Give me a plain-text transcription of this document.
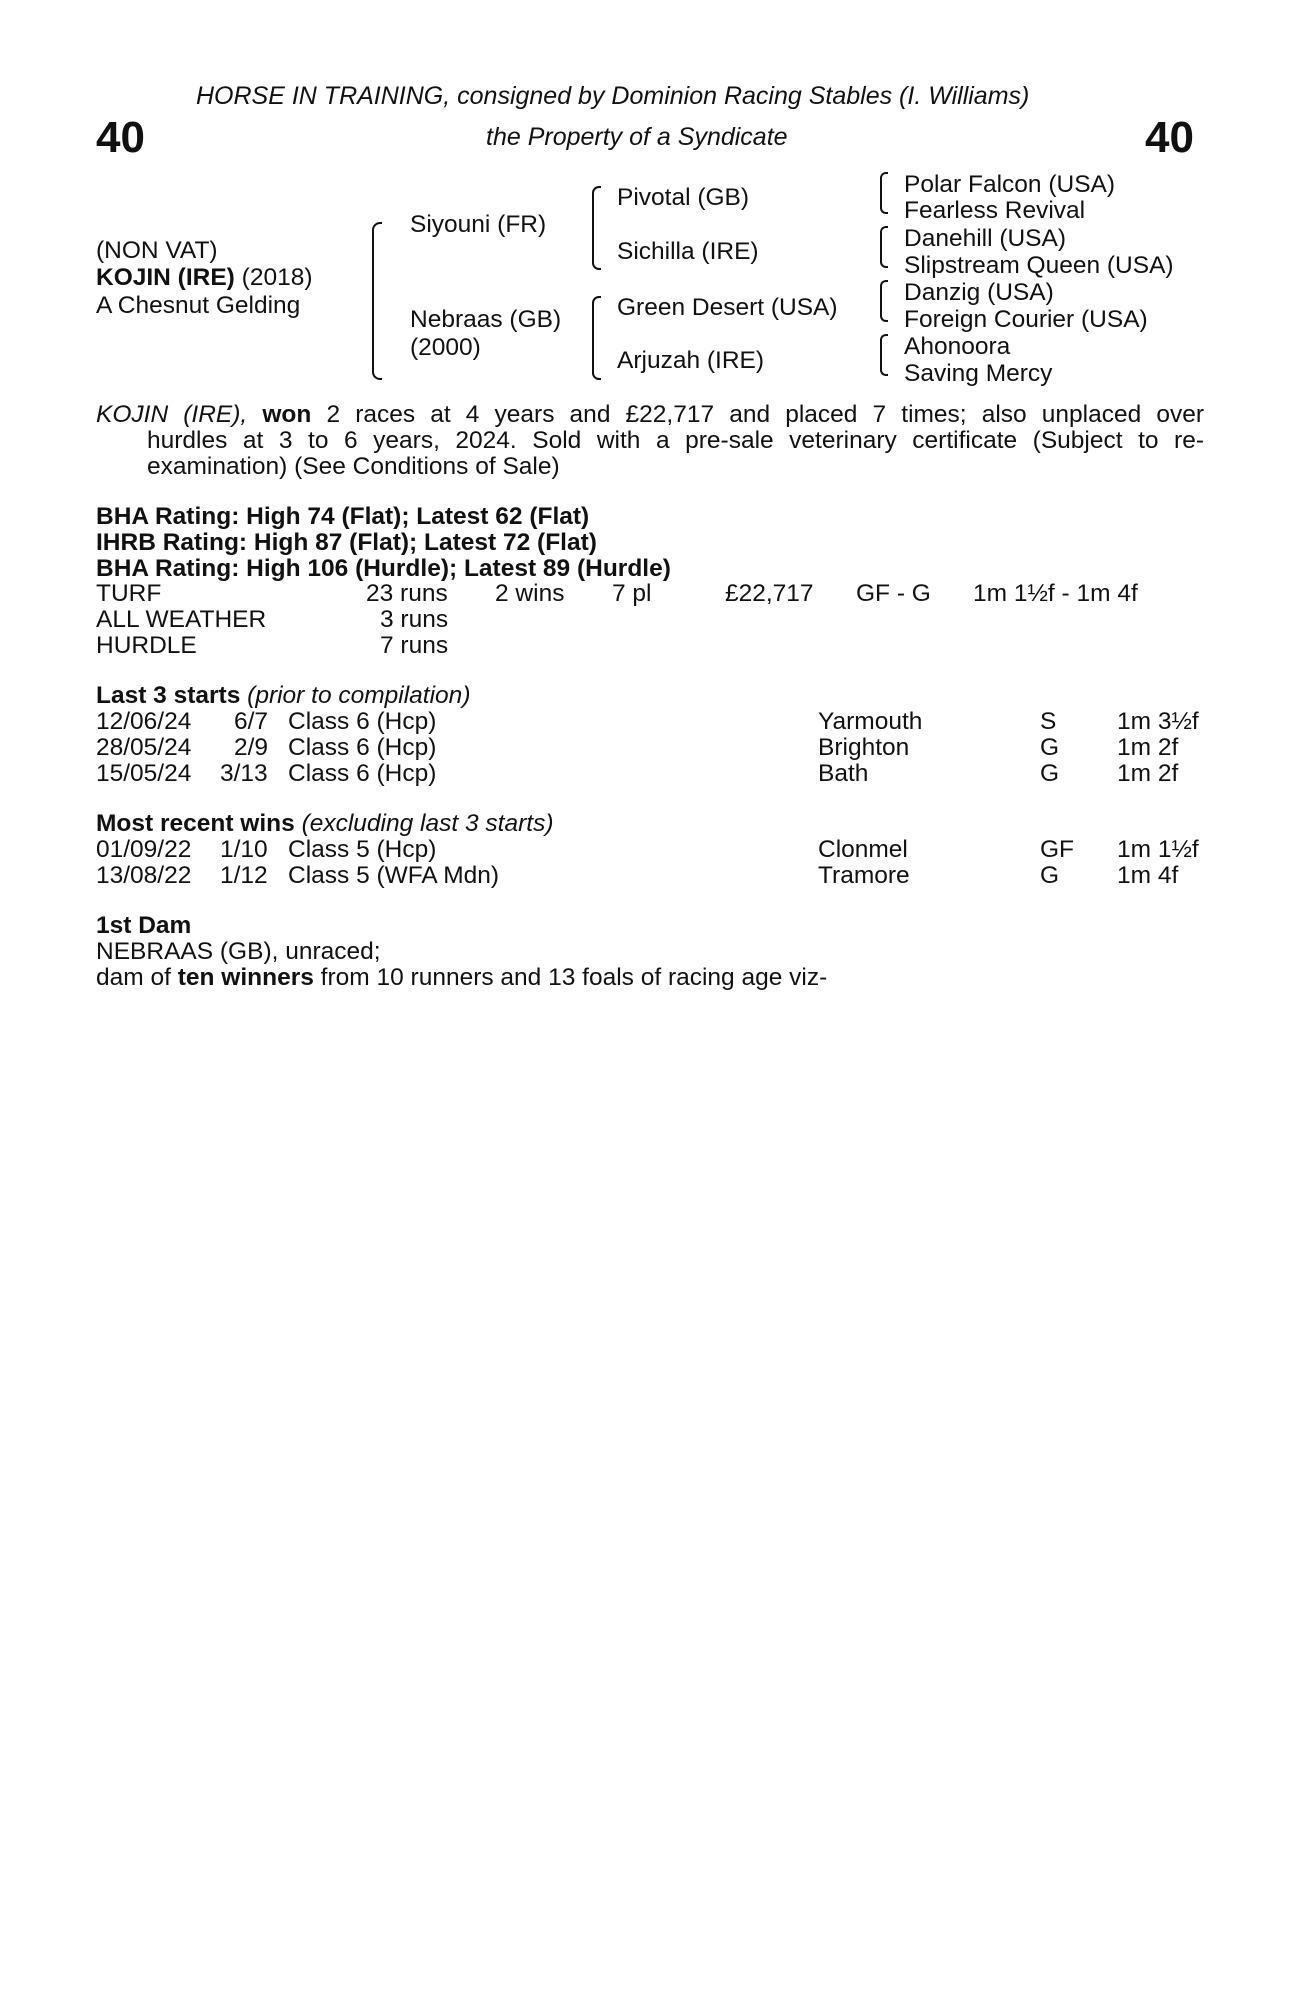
40	40
HORSE IN TRAINING, consigned by Dominion Racing Stables (I. Williams)
the Property of a Syndicate
(NON VAT)
KOJIN (IRE) (2018)
A Chesnut Gelding
Siyouni (FR)
Nebraas (GB)
(2000)
Pivotal (GB)
Sichilla (IRE)
Green Desert (USA)
Arjuzah (IRE)
Polar Falcon (USA)
Fearless Revival
Danehill (USA)
Slipstream Queen (USA)
Danzig (USA)
Foreign Courier (USA)
Ahonoora
Saving Mercy
KOJIN (IRE), won 2 races at 4 years and £22,717 and placed 7 times; also unplaced over
hurdles at 3 to 6 years, 2024. Sold with a pre-sale veterinary certificate (Subject to re-
examination) (See Conditions of Sale)
BHA Rating: High 74 (Flat); Latest 62 (Flat)
IHRB Rating: High 87 (Flat); Latest 72 (Flat)
BHA Rating: High 106 (Hurdle); Latest 89 (Hurdle)
TURF	23 runs 2 wins 7 pl	£22,717 GF - G 1m 1½f - 1m 4f
ALL WEATHER	3 runs
HURDLE	7 runs
Last 3 starts (prior to compilation)
12/06/24 6/7 Class 6 (Hcp)	Yarmouth	S 1m 3½f
28/05/24 2/9 Class 6 (Hcp)	Brighton	G 1m 2f
15/05/24 3/13 Class 6 (Hcp)	Bath	G 1m 2f
Most recent wins (excluding last 3 starts)
01/09/22 1/10 Class 5 (Hcp)	Clonmel	GF 1m 1½f
13/08/22 1/12 Class 5 (WFA Mdn)	Tramore	G 1m 4f
1st Dam
NEBRAAS (GB), unraced;
dam of ten winners from 10 runners and 13 foals of racing age viz-
